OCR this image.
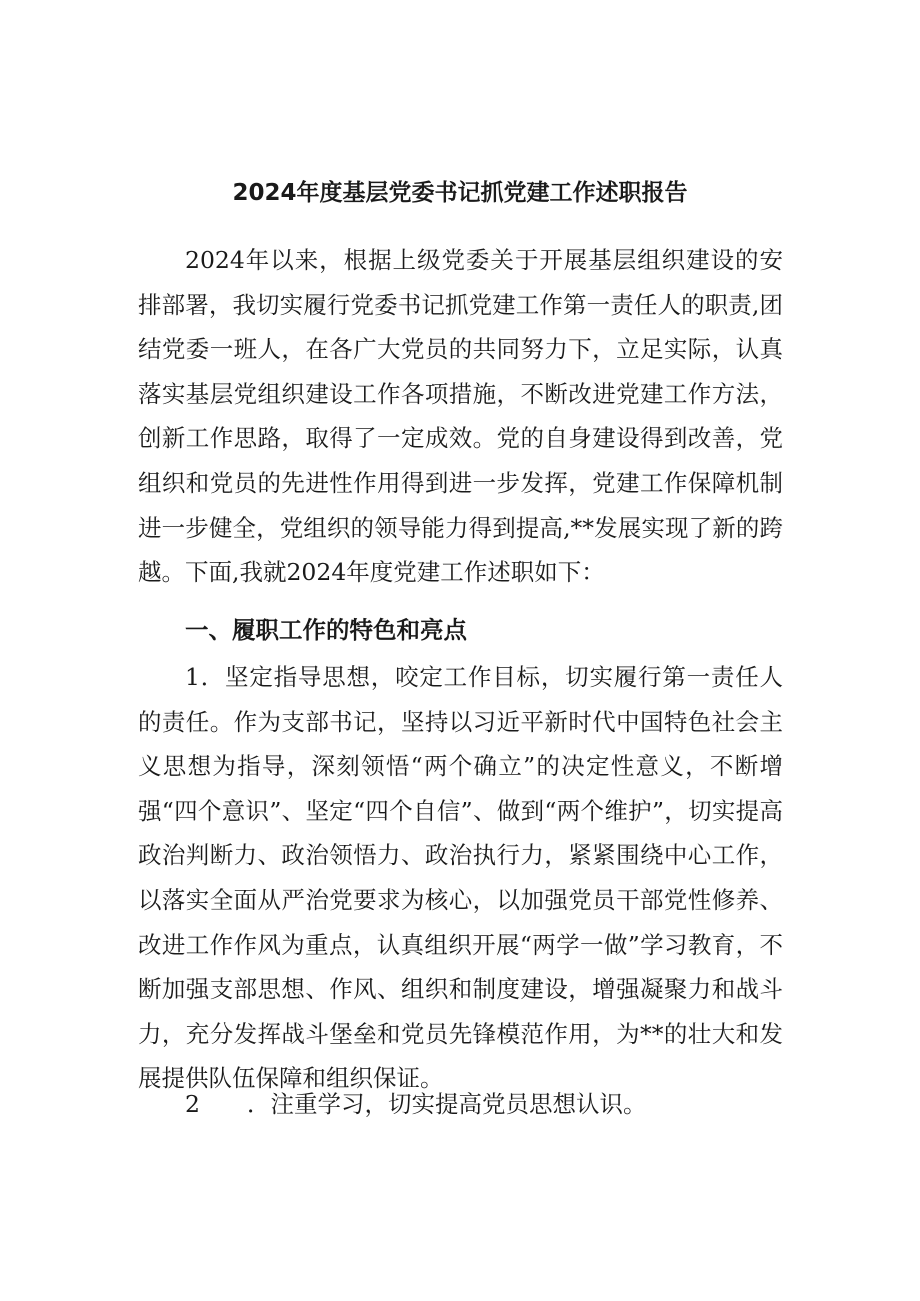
2024年度基层党委书记抓党建工作述职报告

2024年以来，根据上级党委关于开展基层组织建设的安排部署，我切实履行党委书记抓党建工作第一责任人的职责,团结党委一班人，在各广大党员的共同努力下，立足实际，认真落实基层党组织建设工作各项措施，不断改进党建工作方法，创新工作思路，取得了一定成效。党的自身建设得到改善，党组织和党员的先进性作用得到进一步发挥，党建工作保障机制进一步健全，党组织的领导能力得到提高,**发展实现了新的跨越。下面,我就2024年度党建工作述职如下：

一、履职工作的特色和亮点

1．坚定指导思想，咬定工作目标，切实履行第一责任人的责任。作为支部书记，坚持以习近平新时代中国特色社会主义思想为指导，深刻领悟“两个确立”的决定性意义，不断增强“四个意识”、坚定“四个自信”、做到“两个维护”，切实提高政治判断力、政治领悟力、政治执行力，紧紧围绕中心工作，以落实全面从严治党要求为核心，以加强党员干部党性修养、改进工作作风为重点，认真组织开展“两学一做”学习教育，不断加强支部思想、作风、组织和制度建设，增强凝聚力和战斗力，充分发挥战斗堡垒和党员先锋模范作用，为**的壮大和发展提供队伍保障和组织保证。

2　　．注重学习，切实提高党员思想认识。
